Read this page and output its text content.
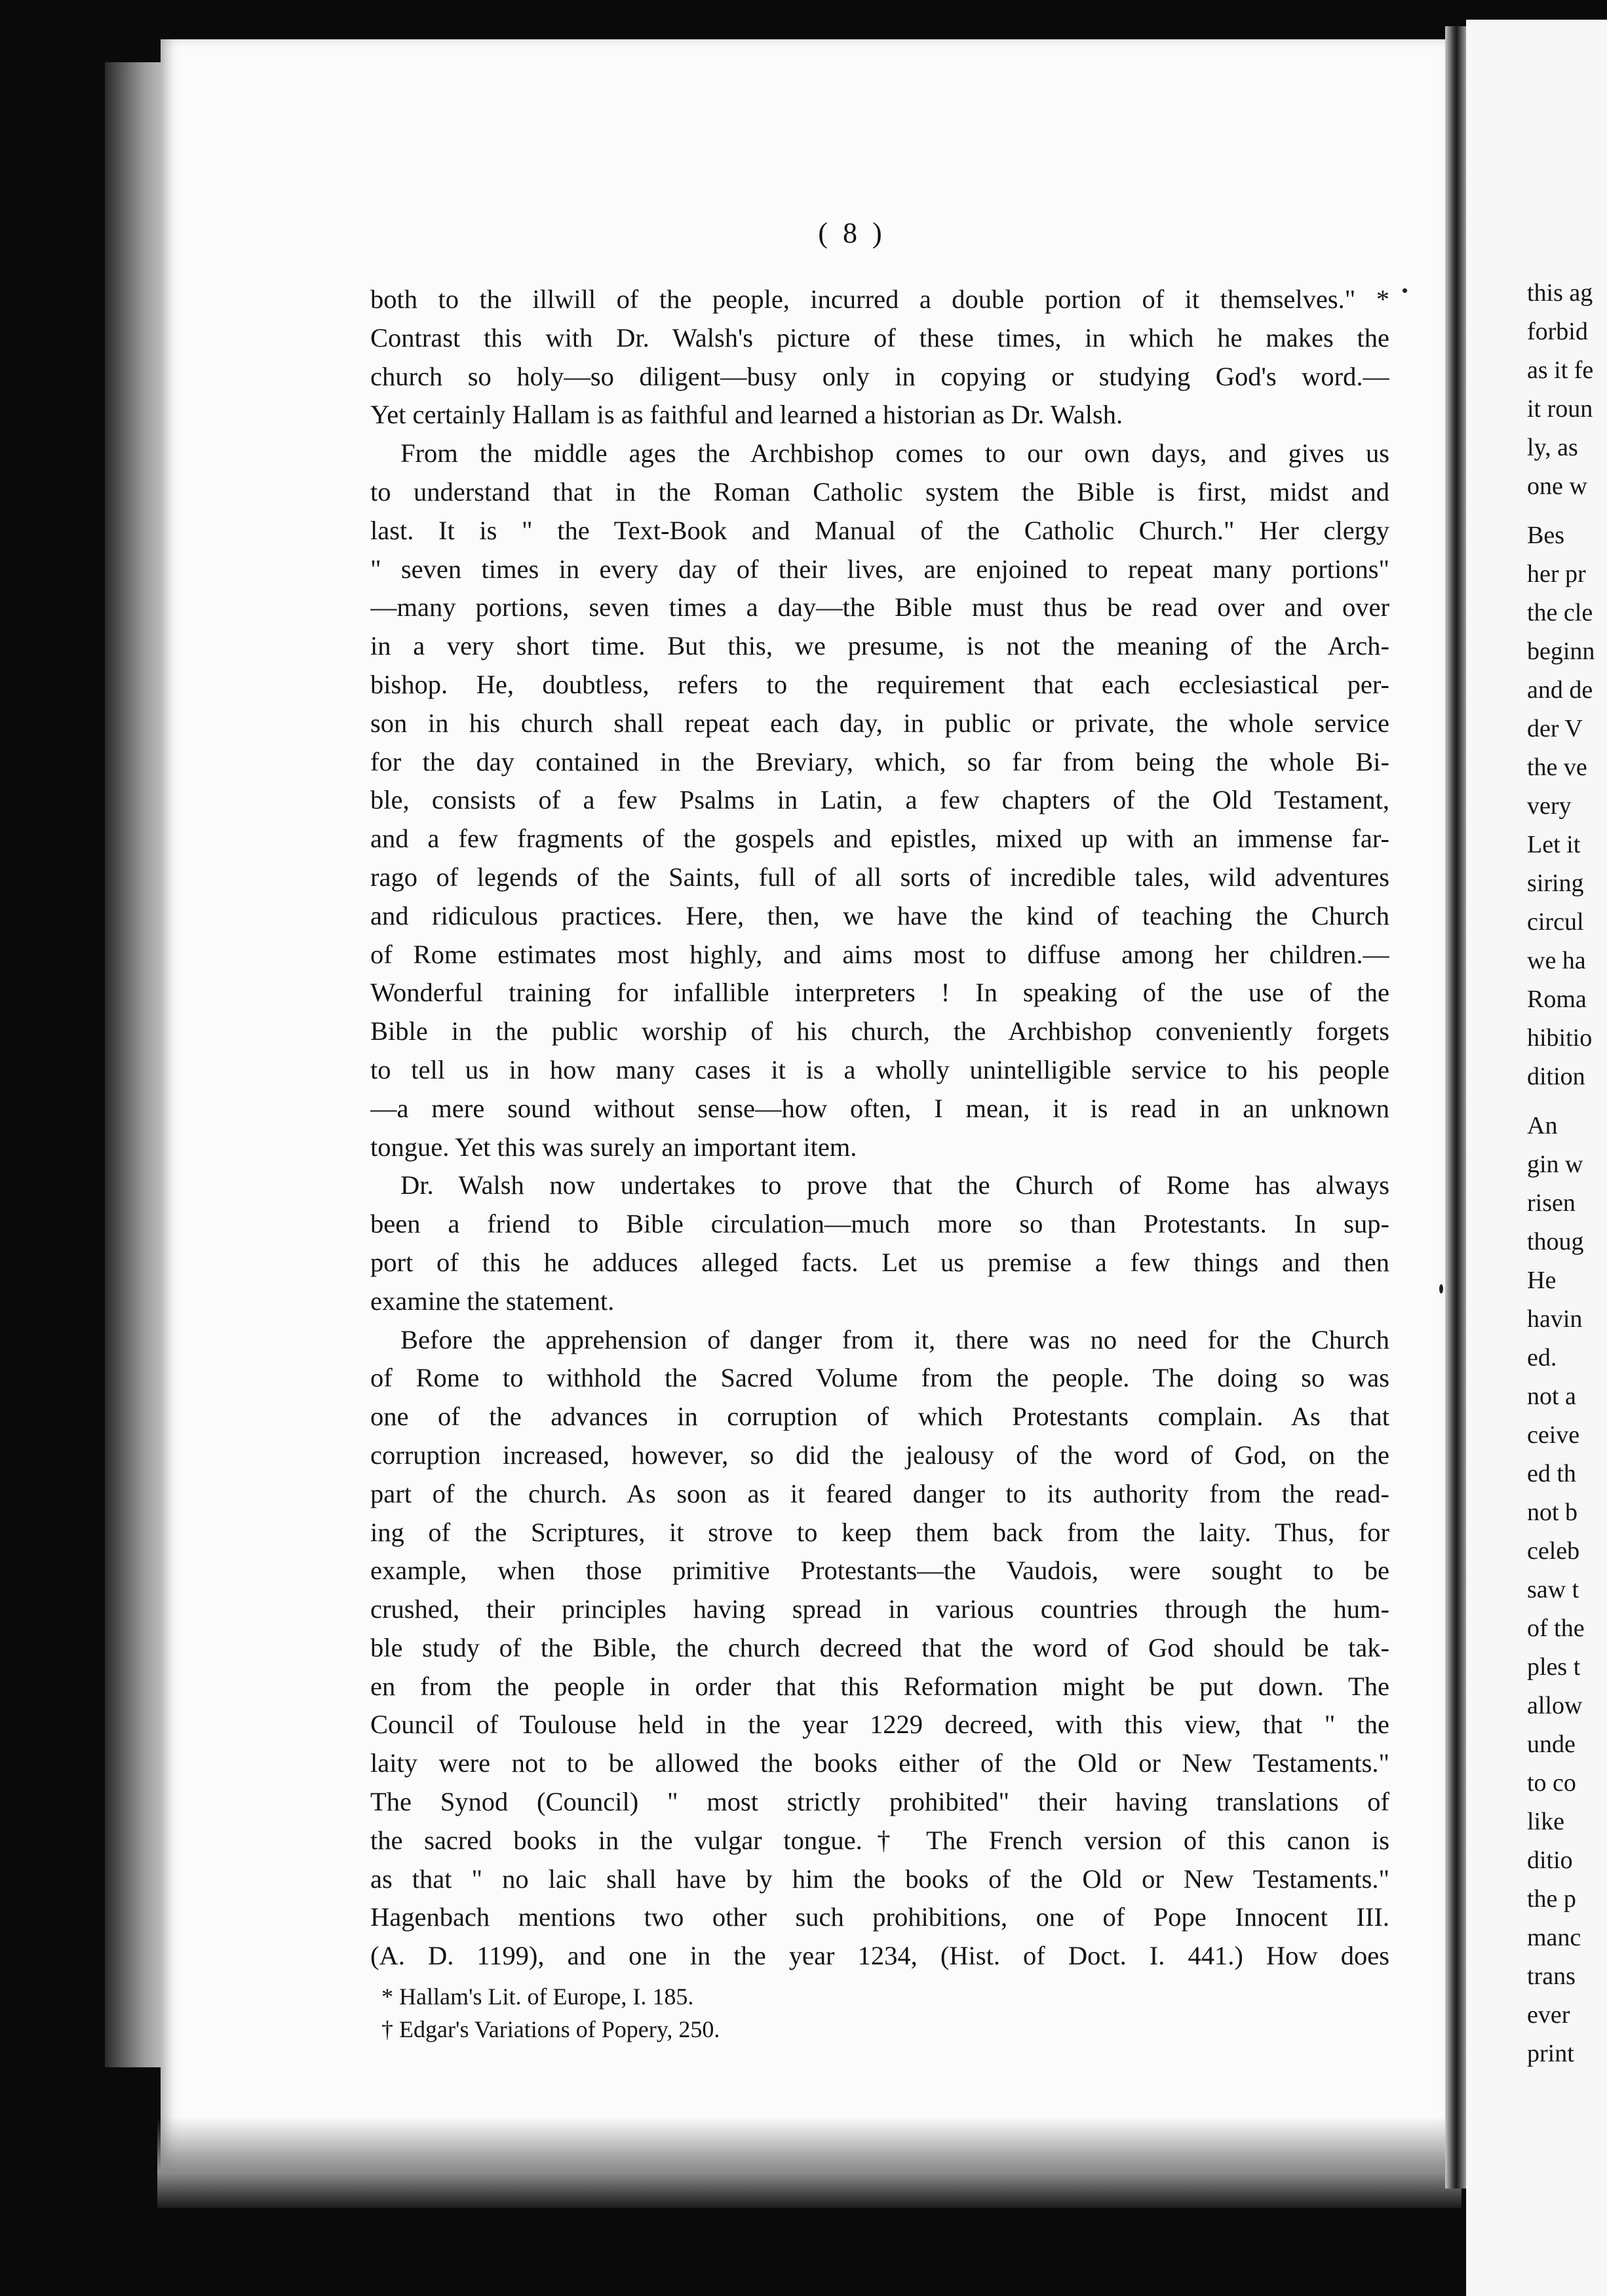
( 8 )
both to the illwill of the people, incurred a double portion of it themselves." *
Contrast this with Dr. Walsh's picture of these times, in which he makes the
church so holy—so diligent—busy only in copying or studying God's word.—
Yet certainly Hallam is as faithful and learned a historian as Dr. Walsh.
From the middle ages the Archbishop comes to our own days, and gives us
to understand that in the Roman Catholic system the Bible is first, midst and
last. It is " the Text-Book and Manual of the Catholic Church." Her clergy
" seven times in every day of their lives, are enjoined to repeat many portions"
—many portions, seven times a day—the Bible must thus be read over and over
in a very short time. But this, we presume, is not the meaning of the Arch-
bishop. He, doubtless, refers to the requirement that each ecclesiastical per-
son in his church shall repeat each day, in public or private, the whole service
for the day contained in the Breviary, which, so far from being the whole Bi-
ble, consists of a few Psalms in Latin, a few chapters of the Old Testament,
and a few fragments of the gospels and epistles, mixed up with an immense far-
rago of legends of the Saints, full of all sorts of incredible tales, wild adventures
and ridiculous practices. Here, then, we have the kind of teaching the Church
of Rome estimates most highly, and aims most to diffuse among her children.—
Wonderful training for infallible interpreters ! In speaking of the use of the
Bible in the public worship of his church, the Archbishop conveniently forgets
to tell us in how many cases it is a wholly unintelligible service to his people
—a mere sound without sense—how often, I mean, it is read in an unknown
tongue. Yet this was surely an important item.
Dr. Walsh now undertakes to prove that the Church of Rome has always
been a friend to Bible circulation—much more so than Protestants. In sup-
port of this he adduces alleged facts. Let us premise a few things and then
examine the statement.
Before the apprehension of danger from it, there was no need for the Church
of Rome to withhold the Sacred Volume from the people. The doing so was
one of the advances in corruption of which Protestants complain. As that
corruption increased, however, so did the jealousy of the word of God, on the
part of the church. As soon as it feared danger to its authority from the read-
ing of the Scriptures, it strove to keep them back from the laity. Thus, for
example, when those primitive Protestants—the Vaudois, were sought to be
crushed, their principles having spread in various countries through the hum-
ble study of the Bible, the church decreed that the word of God should be tak-
en from the people in order that this Reformation might be put down. The
Council of Toulouse held in the year 1229 decreed, with this view, that " the
laity were not to be allowed the books either of the Old or New Testaments."
The Synod (Council) " most strictly prohibited" their having translations of
the sacred books in the vulgar tongue.† The French version of this canon is
as that " no laic shall have by him the books of the Old or New Testaments."
Hagenbach mentions two other such prohibitions, one of Pope Innocent III.
(A. D. 1199), and one in the year 1234, (Hist. of Doct. I. 441.) How does
* Hallam's Lit. of Europe, I. 185.
† Edgar's Variations of Popery, 250.
this ag
forbid
as it fe
it roun
ly, as
one w
Bes
her pr
the cle
beginn
and de
der V
the ve
very
Let it
siring
circul
we ha
Roma
hibitio
dition
An
gin w
risen
thoug
He
havin
ed.
not a
ceive
ed th
not b
celeb
saw t
of the
ples t
allow
unde
to co
like
ditio
the p
manc
trans
ever
print
